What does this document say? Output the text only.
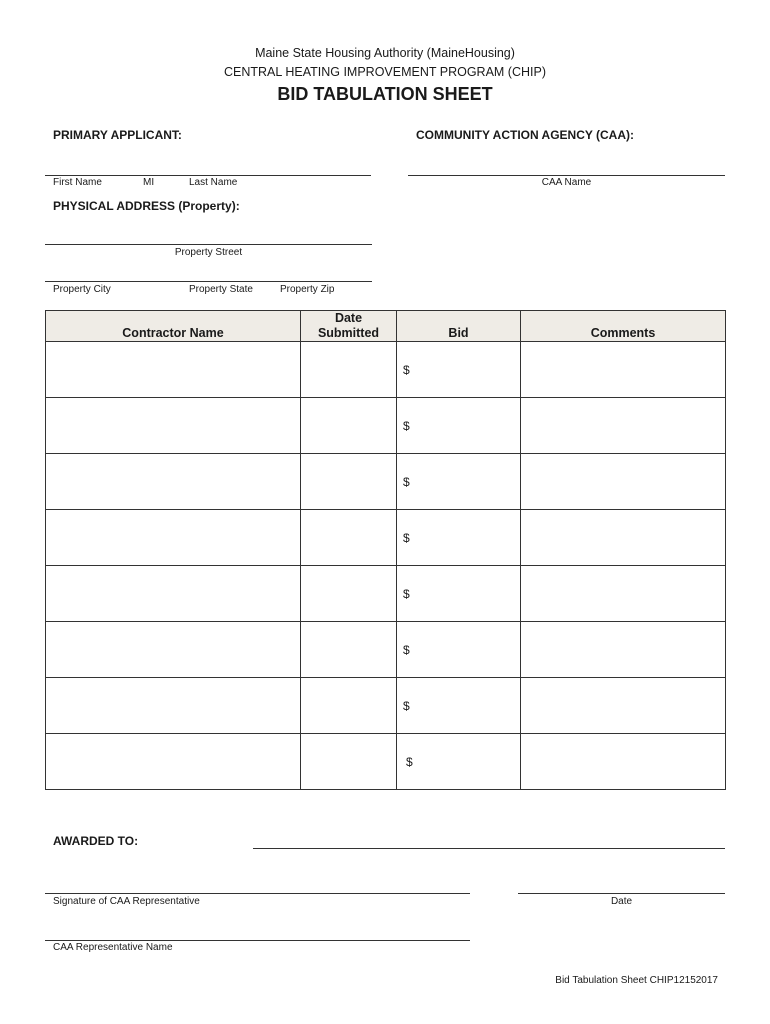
Maine State Housing Authority (MaineHousing)
CENTRAL HEATING IMPROVEMENT PROGRAM (CHIP)
BID TABULATION SHEET
PRIMARY APPLICANT:
First Name	MI	Last Name
COMMUNITY ACTION AGENCY (CAA):
CAA Name
PHYSICAL ADDRESS (Property):
Property Street
Property City	Property State	Property Zip
Contractor Name	Date Submitted	Bid	Comments

		$	

		$	

		$	

		$	

		$	

		$	

		$	

		$	

AWARDED TO:
Signature of CAA Representative	Date
CAA Representative Name
Bid Tabulation Sheet CHIP12152017
